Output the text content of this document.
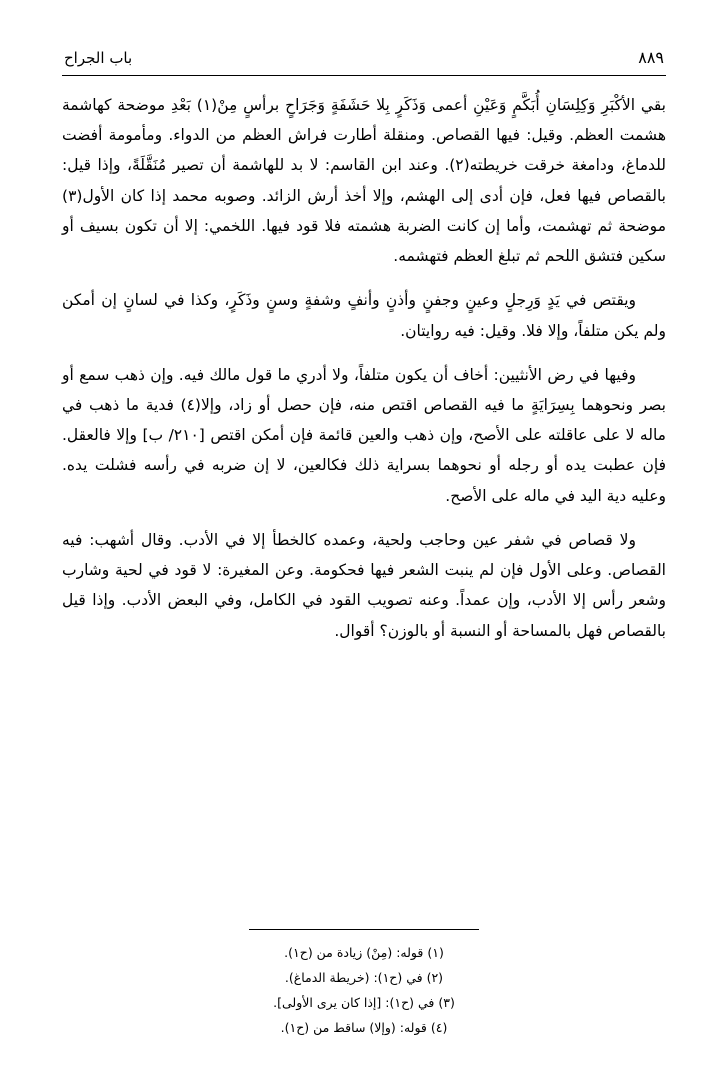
باب الجراح	٨٨٩

بقي الأكْبَرِ وَكِلِسَانِ أُبَكَّمٍ وَعَيْنِ أعمى وَذَكَرٍ بِلا حَشَفَةٍ وَجَرَاحٍ برأسٍ مِنْ(١) بَعْدِ موضحة كهاشمة هشمت العظم. وقيل: فيها القصاص. ومنقلة أطارت فراش العظم من الدواء. ومأمومة أفضت للدماغ، ودامغة خرقت خريطته(٢). وعند ابن القاسم: لا بد للهاشمة أن تصير مُنَقَّلَةً، وإذا قيل: بالقصاص فيها فعل، فإن أدى إلى الهشم، وإلا أخذ أرش الزائد. وصوبه محمد إذا كان الأول(٣) موضحة ثم تهشمت، وأما إن كانت الضربة هشمته فلا قود فيها. اللخمي: إلا أن تكون بسيف أو سكين فتشق اللحم ثم تبلغ العظم فتهشمه.

ويقتص في يَدٍ وَرِجلٍ وعينٍ وجفنٍ وأذنٍ وأنفٍ وشفةٍ وسنٍ وذَكَرٍ، وكذا في لسانٍ إن أمكن ولم يكن متلفاً، وإلا فلا. وقيل: فيه روايتان.

وفيها في رض الأنثيين: أخاف أن يكون متلفاً، ولا أدري ما قول مالك فيه. وإن ذهب سمع أو بصر ونحوهما بِسِرَايَةٍ ما فيه القصاص اقتص منه، فإن حصل أو زاد، وإلا(٤) فدية ما ذهب في ماله لا على عاقلته على الأصح، وإن ذهب والعين قائمة فإن أمكن اقتص [٢١٠/ ب] وإلا فالعقل. فإن عطبت يده أو رجله أو نحوهما بسراية ذلك فكالعين، لا إن ضربه في رأسه فشلت يده. وعليه دية اليد في ماله على الأصح.

ولا قصاص في شفر عين وحاجب ولحية، وعمده كالخطأ إلا في الأدب. وقال أشهب: فيه القصاص. وعلى الأول فإن لم ينبت الشعر فيها فحكومة. وعن المغيرة: لا قود في لحية وشارب وشعر رأس إلا الأدب، وإن عمداً. وعنه تصويب القود في الكامل، وفي البعض الأدب. وإذا قيل بالقصاص فهل بالمساحة أو النسبة أو بالوزن؟ أقوال.

(١) قوله: (مِنْ) زيادة من (ح١).
(٢) في (ح١): (خريطة الدماغ).
(٣) في (ح١): [إذا كان يرى الأولى].
(٤) قوله: (وإلا) ساقط من (ح١).
